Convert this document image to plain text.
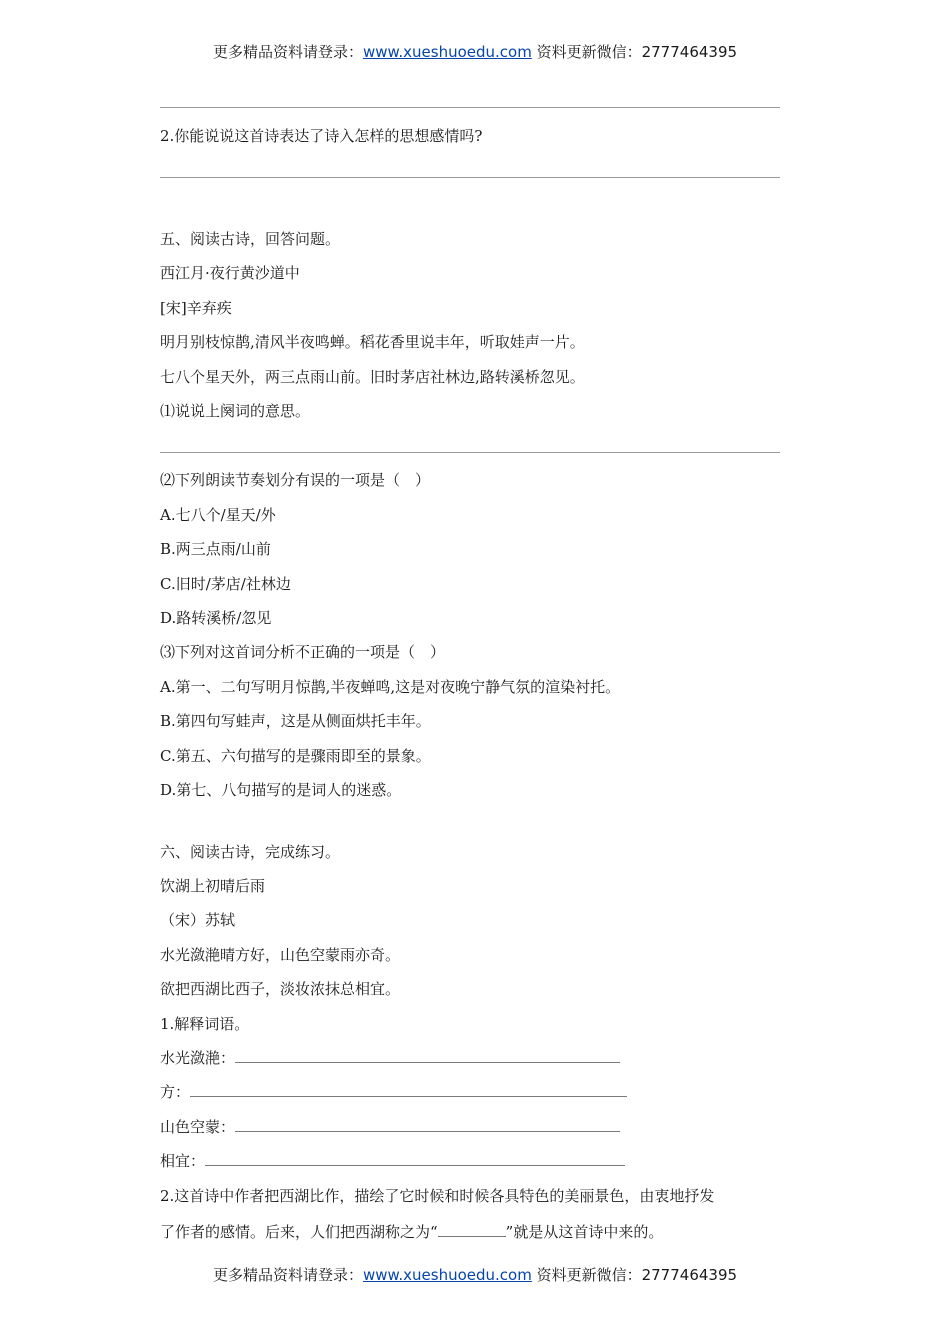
更多精品资料请登录：www.xueshuoedu.com 资料更新微信：2777464395
2.你能说说这首诗表达了诗入怎样的思想感情吗?
五、阅读古诗，回答问题。
西江月·夜行黄沙道中
[宋]辛弃疾
明月别枝惊鹊,清风半夜鸣蝉。稻花香里说丰年，听取娃声一片。
七八个星天外，两三点雨山前。旧时茅店社林边,路转溪桥忽见。
⑴说说上阕词的意思。
⑵下列朗读节奏划分有误的一项是（　）
A.七八个/星天/外
B.两三点雨/山前
C.旧时/茅店/社林边
D.路转溪桥/忽见
⑶下列对这首词分析不正确的一项是（　）
A.第一、二句写明月惊鹊,半夜蝉鸣,这是对夜晚宁静气氛的渲染衬托。
B.第四句写蛙声，这是从侧面烘托丰年。
C.第五、六句描写的是骤雨即至的景象。
D.第七、八句描写的是词人的迷惑。
六、阅读古诗，完成练习。
饮湖上初晴后雨
（宋）苏轼
水光潋滟晴方好，山色空蒙雨亦奇。
欲把西湖比西子，淡妆浓抹总相宜。
1.解释词语。
水光潋滟：
方：
山色空蒙：
相宜：
2.这首诗中作者把西湖比作，描绘了它时候和时候各具特色的美丽景色，由衷地抒发
了作者的感情。后来，人们把西湖称之为“	”就是从这首诗中来的。
更多精品资料请登录：www.xueshuoedu.com 资料更新微信：2777464395
